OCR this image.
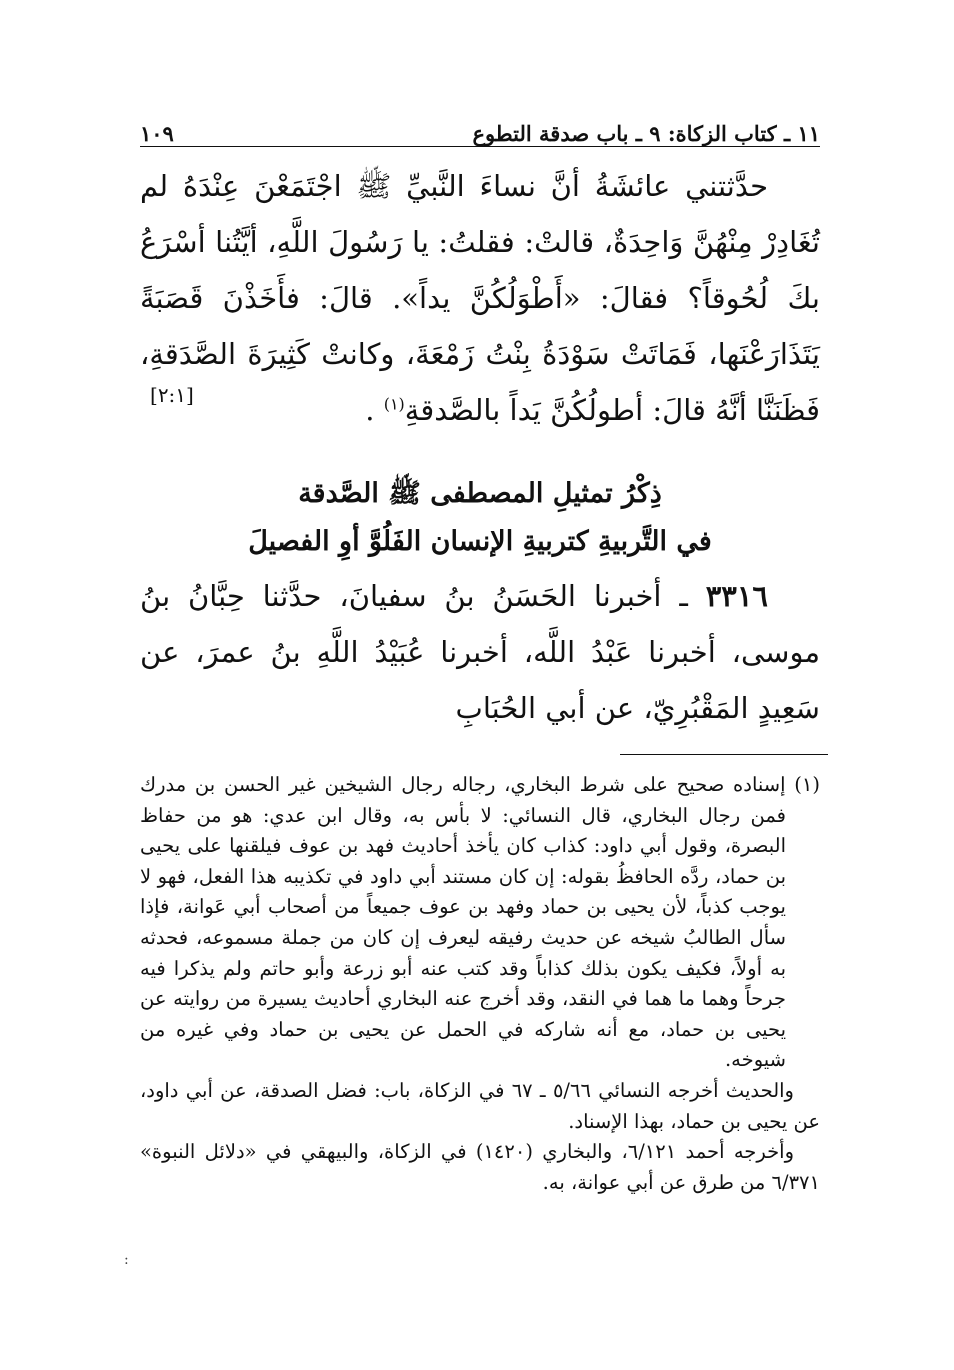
١١ ـ كتاب الزكاة: ٩ ـ باب صدقة التطوع
١٠٩

حدَّثتني عائشَةُ أنَّ نساءَ النَّبيِّ ﷺ اجْتَمَعْنَ عِنْدَهُ لم تُغَادِرْ مِنْهُنَّ وَاحِدَةٌ، قالتْ: فقلتُ: يا رَسُولَ اللَّهِ، أيَّتُنا أسْرَعُ بكَ لُحُوقاً؟ فقالَ: «أَطْوَلُكُنَّ يداً». قالَ: فأَخَذْنَ قَصَبَةً يَتَذَارَعْنَها، فَمَاتَتْ سَوْدَةُ بِنْتُ زَمْعَةَ، وكانتْ كَثِيرَةَ الصَّدَقةِ، فَظَنَنَّا أنَّهُ قالَ: أطولُكُنَّ يَداً بالصَّدقةِ$^{(١)}$ .

[٢:١]
ذِكْرُ تمثيلِ المصطفى ﷺ الصَّدقة
في التَّربيةِ كتربيةِ الإنسان الفَلُوَّ أوِ الفصيلَ

٣٣١٦ ـ أخبرنا الحَسَنُ بنُ سفيانَ، حدَّثنا حِبَّانُ بنُ موسى، أخبرنا عَبْدُ اللَّه، أخبرنا عُبَيْدُ اللَّهِ بنُ عمرَ، عن سَعِيدٍ المَقْبُرِيّ، عن أبي الحُبَابِ

(١) إسناده صحيح على شرط البخاري، رجاله رجال الشيخين غير الحسن بن مدرك فمن رجال البخاري، قال النسائي: لا بأس به، وقال ابن عدي: هو من حفاظ البصرة، وقول أبي داود: كذاب كان يأخذ أحاديث فهد بن عوف فيلقنها على يحيى بن حماد، ردَّه الحافظُ بقوله: إن كان مستند أبي داود في تكذيبه هذا الفعل، فهو لا يوجب كذباً، لأن يحيى بن حماد وفهد بن عوف جميعاً من أصحاب أبي عَوانة، فإذا سأل الطالبُ شيخه عن حديث رفيقه ليعرف إن كان من جملة مسموعه، فحدثه به أولاً، فكيف يكون بذلك كذاباً وقد كتب عنه أبو زرعة وأبو حاتم ولم يذكرا فيه جرحاً وهما ما هما في النقد، وقد أخرج عنه البخاري أحاديث يسيرة من روايته عن يحيى بن حماد، مع أنه شاركه في الحمل عن يحيى بن حماد وفي غيره من شيوخه.

والحديث أخرجه النسائي ٥/٦٦ ـ ٦٧ في الزكاة، باب: فضل الصدقة، عن أبي داود، عن يحيى بن حماد، بهذا الإسناد.

وأخرجه أحمد ٦/١٢١، والبخاري (١٤٢٠) في الزكاة، والبيهقي في «دلائل النبوة» ٦/٣٧١ من طرق عن أبي عوانة، به.

:
